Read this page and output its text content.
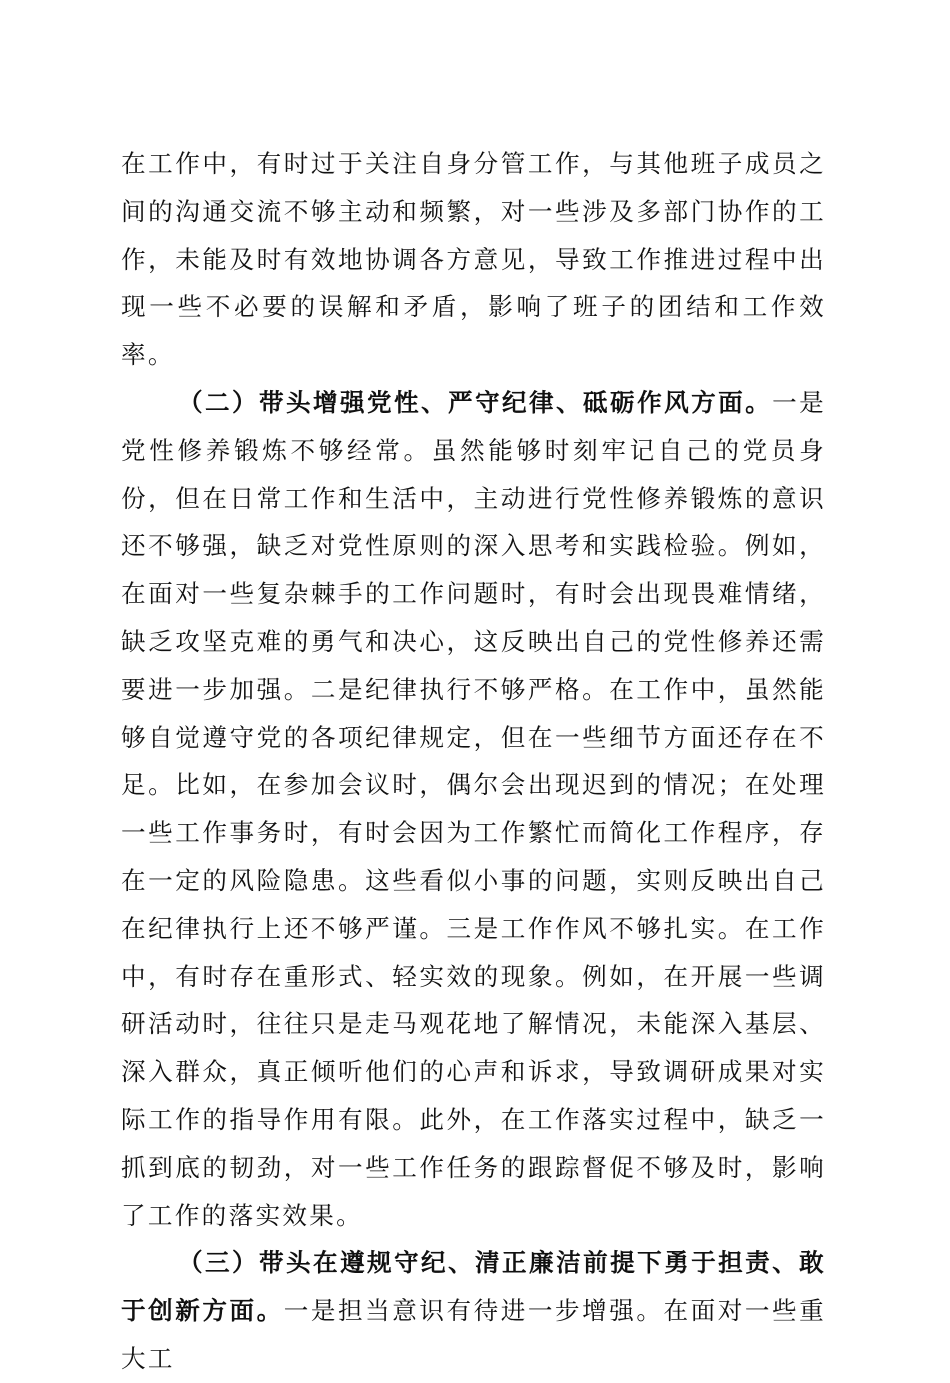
在工作中，有时过于关注自身分管工作，与其他班子成员之间的沟通交流不够主动和频繁，对一些涉及多部门协作的工作，未能及时有效地协调各方意见，导致工作推进过程中出现一些不必要的误解和矛盾，影响了班子的团结和工作效率。

（二）带头增强党性、严守纪律、砥砺作风方面。一是党性修养锻炼不够经常。虽然能够时刻牢记自己的党员身份，但在日常工作和生活中，主动进行党性修养锻炼的意识还不够强，缺乏对党性原则的深入思考和实践检验。例如，在面对一些复杂棘手的工作问题时，有时会出现畏难情绪，缺乏攻坚克难的勇气和决心，这反映出自己的党性修养还需要进一步加强。二是纪律执行不够严格。在工作中，虽然能够自觉遵守党的各项纪律规定，但在一些细节方面还存在不足。比如，在参加会议时，偶尔会出现迟到的情况；在处理一些工作事务时，有时会因为工作繁忙而简化工作程序，存在一定的风险隐患。这些看似小事的问题，实则反映出自己在纪律执行上还不够严谨。三是工作作风不够扎实。在工作中，有时存在重形式、轻实效的现象。例如，在开展一些调研活动时，往往只是走马观花地了解情况，未能深入基层、深入群众，真正倾听他们的心声和诉求，导致调研成果对实际工作的指导作用有限。此外，在工作落实过程中，缺乏一抓到底的韧劲，对一些工作任务的跟踪督促不够及时，影响了工作的落实效果。

（三）带头在遵规守纪、清正廉洁前提下勇于担责、敢于创新方面。一是担当意识有待进一步增强。在面对一些重大工
